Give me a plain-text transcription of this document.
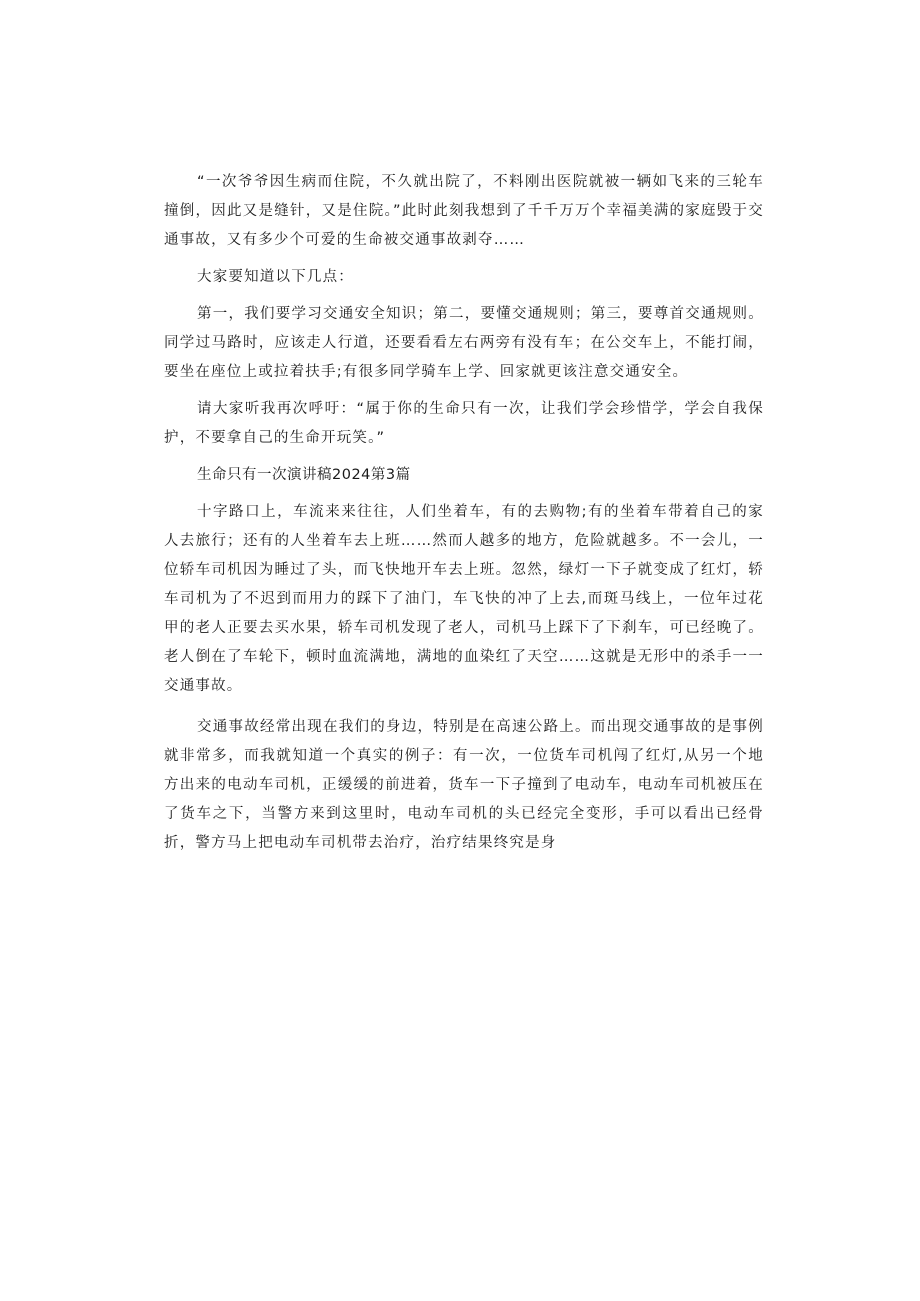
“一次爷爷因生病而住院，不久就出院了，不料刚出医院就被一辆如飞来的三轮车撞倒，因此又是缝针，又是住院。”此时此刻我想到了千千万万个幸福美满的家庭毁于交通事故，又有多少个可爱的生命被交通事故剥夺……

大家要知道以下几点：

第一，我们要学习交通安全知识；第二，要懂交通规则；第三，要尊首交通规则。同学过马路时，应该走人行道，还要看看左右两旁有没有车；在公交车上，不能打闹，要坐在座位上或拉着扶手;有很多同学骑车上学、回家就更该注意交通安全。

请大家听我再次呼吁：“属于你的生命只有一次，让我们学会珍惜学，学会自我保护，不要拿自己的生命开玩笑。”

生命只有一次演讲稿2024第3篇

十字路口上，车流来来往往，人们坐着车，有的去购物;有的坐着车带着自己的家人去旅行；还有的人坐着车去上班……然而人越多的地方，危险就越多。不一会儿，一位轿车司机因为睡过了头，而飞快地开车去上班。忽然，绿灯一下子就变成了红灯，轿车司机为了不迟到而用力的踩下了油门，车飞快的冲了上去,而斑马线上，一位年过花甲的老人正要去买水果，轿车司机发现了老人，司机马上踩下了下刹车，可已经晚了。老人倒在了车轮下，顿时血流满地，满地的血染红了天空……这就是无形中的杀手一一交通事故。

交通事故经常出现在我们的身边，特别是在高速公路上。而出现交通事故的是事例就非常多，而我就知道一个真实的例子：有一次，一位货车司机闯了红灯,从另一个地方出来的电动车司机，正缓缓的前进着，货车一下子撞到了电动车，电动车司机被压在了货车之下，当警方来到这里时，电动车司机的头已经完全变形，手可以看出已经骨折，警方马上把电动车司机带去治疗，治疗结果终究是身
